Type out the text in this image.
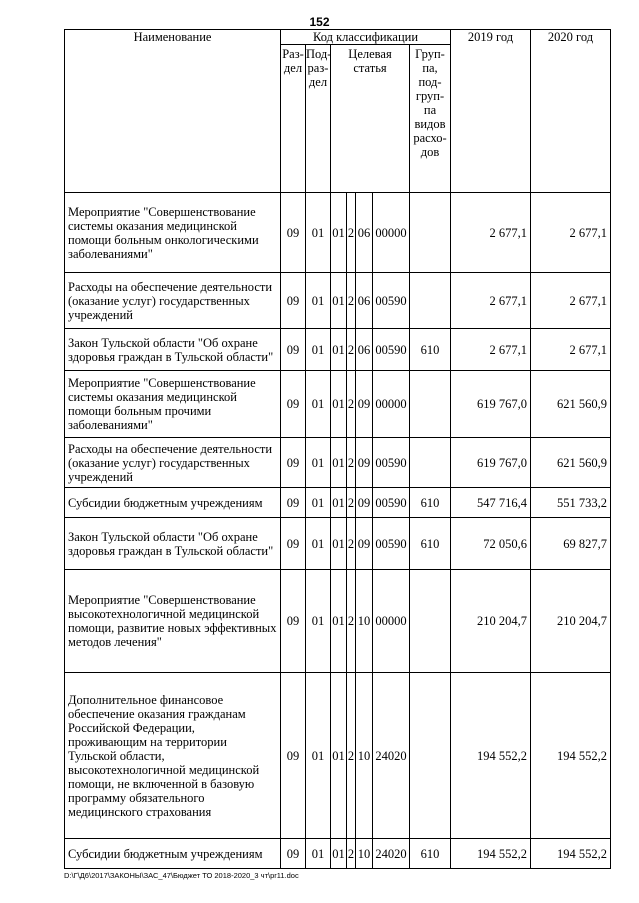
152
Наименование	Код классификации							2019 год	2020 год
	Раз-дел	Под-раз-дел	Целевая статья				Груп-па, под-груп-па видов расхо-дов		
Мероприятие "Совершенствование системы оказания медицинской помощи больным онкологическими заболеваниями"	09	01	01	2	06	00000		2 677,1	2 677,1
Расходы на обеспечение деятельности (оказание услуг) государственных учреждений	09	01	01	2	06	00590		2 677,1	2 677,1
Закон Тульской области "Об охране здоровья граждан в Тульской области"	09	01	01	2	06	00590	610	2 677,1	2 677,1
Мероприятие "Совершенствование системы оказания медицинской помощи больным прочими заболеваниями"	09	01	01	2	09	00000		619 767,0	621 560,9
Расходы на обеспечение деятельности (оказание услуг) государственных учреждений	09	01	01	2	09	00590		619 767,0	621 560,9
Субсидии бюджетным учреждениям	09	01	01	2	09	00590	610	547 716,4	551 733,2
Закон Тульской области "Об охране здоровья граждан в Тульской области"	09	01	01	2	09	00590	610	72 050,6	69 827,7
Мероприятие "Совершенствование высокотехнологичной медицинской помощи, развитие новых эффективных методов лечения"	09	01	01	2	10	00000		210 204,7	210 204,7
Дополнительное финансовое обеспечение оказания гражданам Российской Федерации, проживающим на территории Тульской области, высокотехнологичной медицинской помощи, не включенной в базовую программу обязательного медицинского страхования	09	01	01	2	10	24020		194 552,2	194 552,2
Субсидии бюджетным учреждениям	09	01	01	2	10	24020	610	194 552,2	194 552,2
D:\Г\Д6\2017\ЗАКОНЫ\ЗАС_47\Бюджет ТО 2018-2020_3 чт\pr11.doc
